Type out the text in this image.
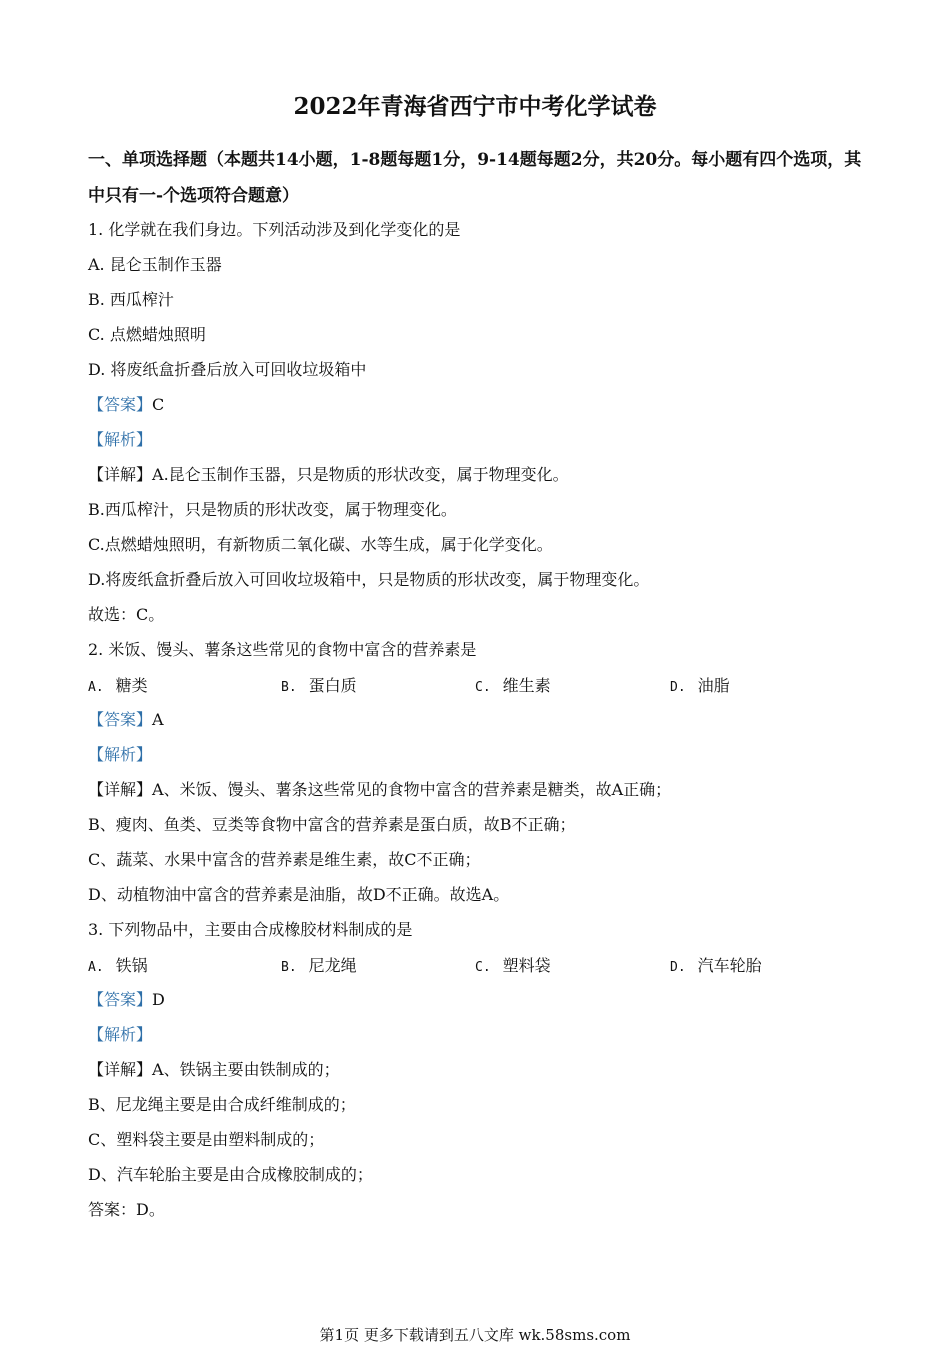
2022年青海省西宁市中考化学试卷
一、单项选择题（本题共14小题，1-8题每题1分，9-14题每题2分，共20分。每小题有四个选项，其中只有一-个选项符合题意）
1. 化学就在我们身边。下列活动涉及到化学变化的是
A. 昆仑玉制作玉器
B. 西瓜榨汁
C. 点燃蜡烛照明
D. 将废纸盒折叠后放入可回收垃圾箱中
【答案】C
【解析】
【详解】A.昆仑玉制作玉器，只是物质的形状改变，属于物理变化。
B.西瓜榨汁，只是物质的形状改变，属于物理变化。
C.点燃蜡烛照明，有新物质二氧化碳、水等生成，属于化学变化。
D.将废纸盒折叠后放入可回收垃圾箱中，只是物质的形状改变，属于物理变化。
故选：C。
2. 米饭、馒头、薯条这些常见的食物中富含的营养素是
A. 糖类	B. 蛋白质	C. 维生素	D. 油脂
【答案】A
【解析】
【详解】A、米饭、馒头、薯条这些常见的食物中富含的营养素是糖类，故A正确；
B、瘦肉、鱼类、豆类等食物中富含的营养素是蛋白质，故B不正确；
C、蔬菜、水果中富含的营养素是维生素，故C不正确；
D、动植物油中富含的营养素是油脂，故D不正确。故选A。
3. 下列物品中，主要由合成橡胶材料制成的是
A. 铁锅	B. 尼龙绳	C. 塑料袋	D. 汽车轮胎
【答案】D
【解析】
【详解】A、铁锅主要由铁制成的；
B、尼龙绳主要是由合成纤维制成的；
C、塑料袋主要是由塑料制成的；
D、汽车轮胎主要是由合成橡胶制成的；
答案：D。
第1页 更多下载请到五八文库 wk.58sms.com
